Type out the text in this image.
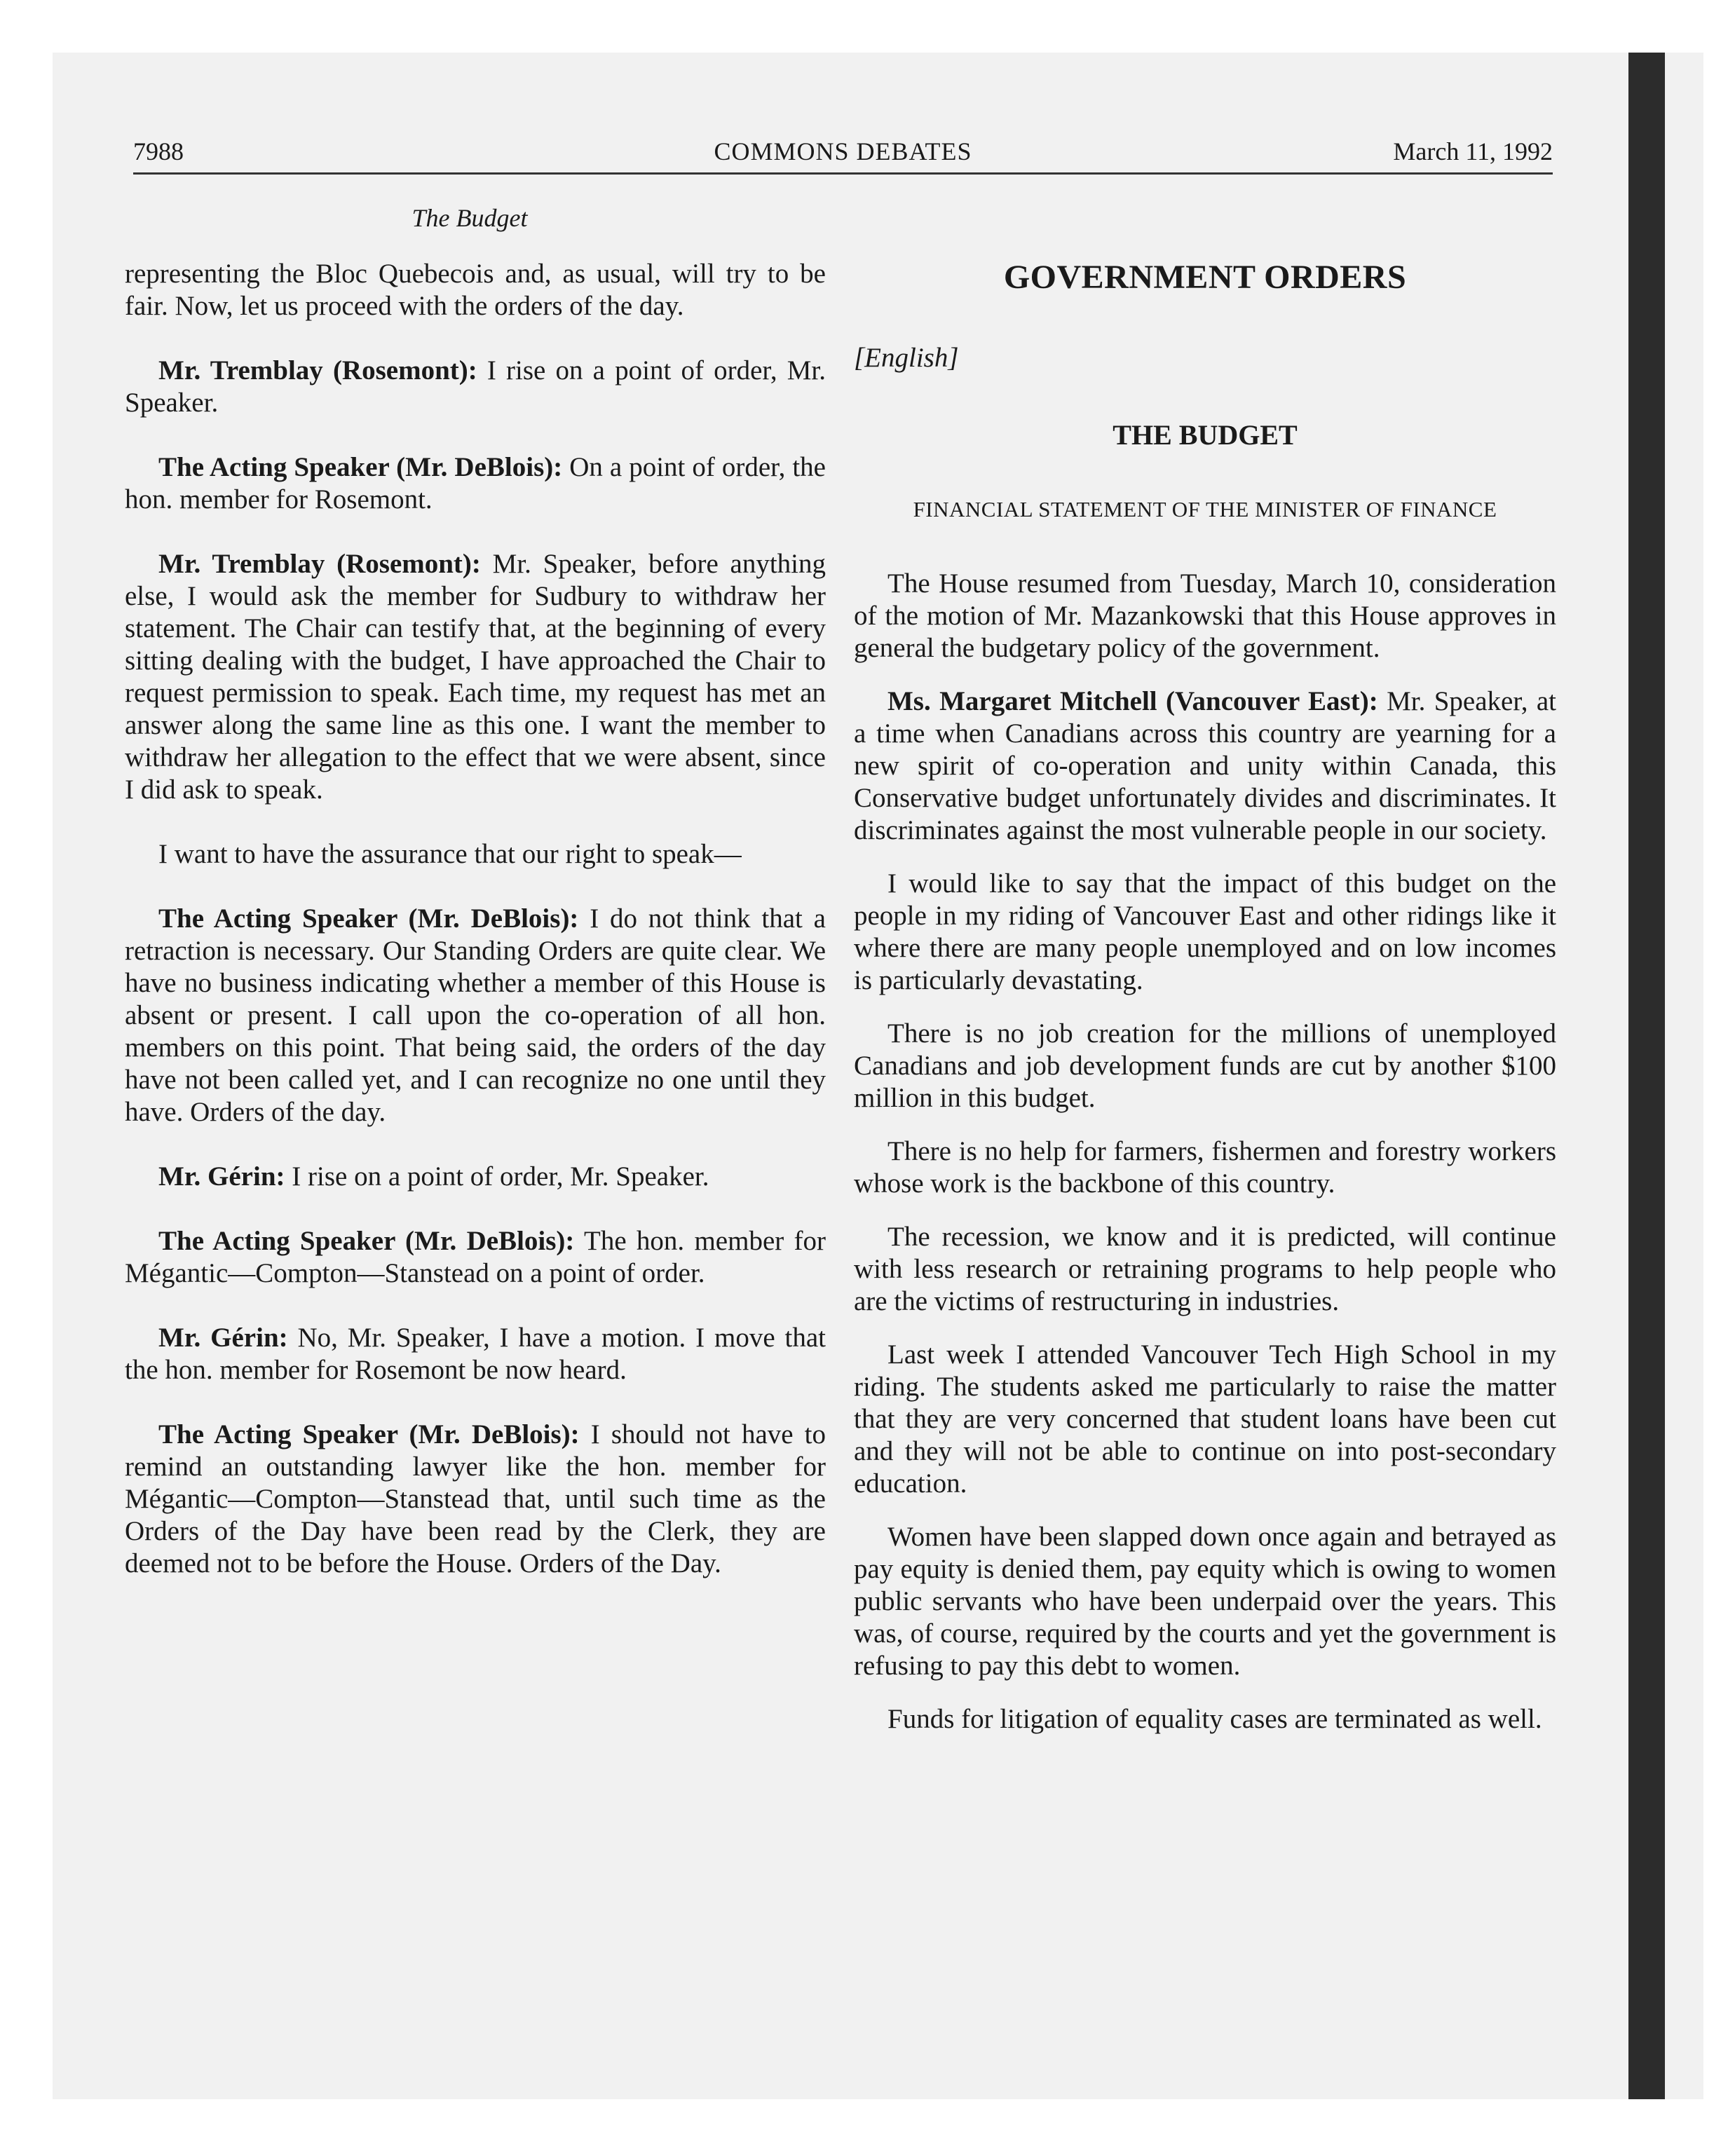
7988	COMMONS DEBATES	March 11, 1992
The Budget

representing the Bloc Quebecois and, as usual, will try to be fair. Now, let us proceed with the orders of the day.

Mr. Tremblay (Rosemont): I rise on a point of order, Mr. Speaker.

The Acting Speaker (Mr. DeBlois): On a point of order, the hon. member for Rosemont.

Mr. Tremblay (Rosemont): Mr. Speaker, before anything else, I would ask the member for Sudbury to withdraw her statement. The Chair can testify that, at the beginning of every sitting dealing with the budget, I have approached the Chair to request permission to speak. Each time, my request has met an answer along the same line as this one. I want the member to withdraw her allegation to the effect that we were absent, since I did ask to speak.

I want to have the assurance that our right to speak—

The Acting Speaker (Mr. DeBlois): I do not think that a retraction is necessary. Our Standing Orders are quite clear. We have no business indicating whether a member of this House is absent or present. I call upon the co-operation of all hon. members on this point. That being said, the orders of the day have not been called yet, and I can recognize no one until they have. Orders of the day.

Mr. Gérin: I rise on a point of order, Mr. Speaker.

The Acting Speaker (Mr. DeBlois): The hon. member for Mégantic—Compton—Stanstead on a point of order.

Mr. Gérin: No, Mr. Speaker, I have a motion. I move that the hon. member for Rosemont be now heard.

The Acting Speaker (Mr. DeBlois): I should not have to remind an outstanding lawyer like the hon. member for Mégantic—Compton—Stanstead that, until such time as the Orders of the Day have been read by the Clerk, they are deemed not to be before the House. Orders of the Day.

GOVERNMENT ORDERS
[English]
THE BUDGET
FINANCIAL STATEMENT OF THE MINISTER OF FINANCE

The House resumed from Tuesday, March 10, consideration of the motion of Mr. Mazankowski that this House approves in general the budgetary policy of the government.

Ms. Margaret Mitchell (Vancouver East): Mr. Speaker, at a time when Canadians across this country are yearning for a new spirit of co-operation and unity within Canada, this Conservative budget unfortunately divides and discriminates. It discriminates against the most vulnerable people in our society.

I would like to say that the impact of this budget on the people in my riding of Vancouver East and other ridings like it where there are many people unemployed and on low incomes is particularly devastating.

There is no job creation for the millions of unemployed Canadians and job development funds are cut by another $100 million in this budget.

There is no help for farmers, fishermen and forestry workers whose work is the backbone of this country.

The recession, we know and it is predicted, will continue with less research or retraining programs to help people who are the victims of restructuring in industries.

Last week I attended Vancouver Tech High School in my riding. The students asked me particularly to raise the matter that they are very concerned that student loans have been cut and they will not be able to continue on into post-secondary education.

Women have been slapped down once again and betrayed as pay equity is denied them, pay equity which is owing to women public servants who have been underpaid over the years. This was, of course, required by the courts and yet the government is refusing to pay this debt to women.

Funds for litigation of equality cases are terminated as well.
